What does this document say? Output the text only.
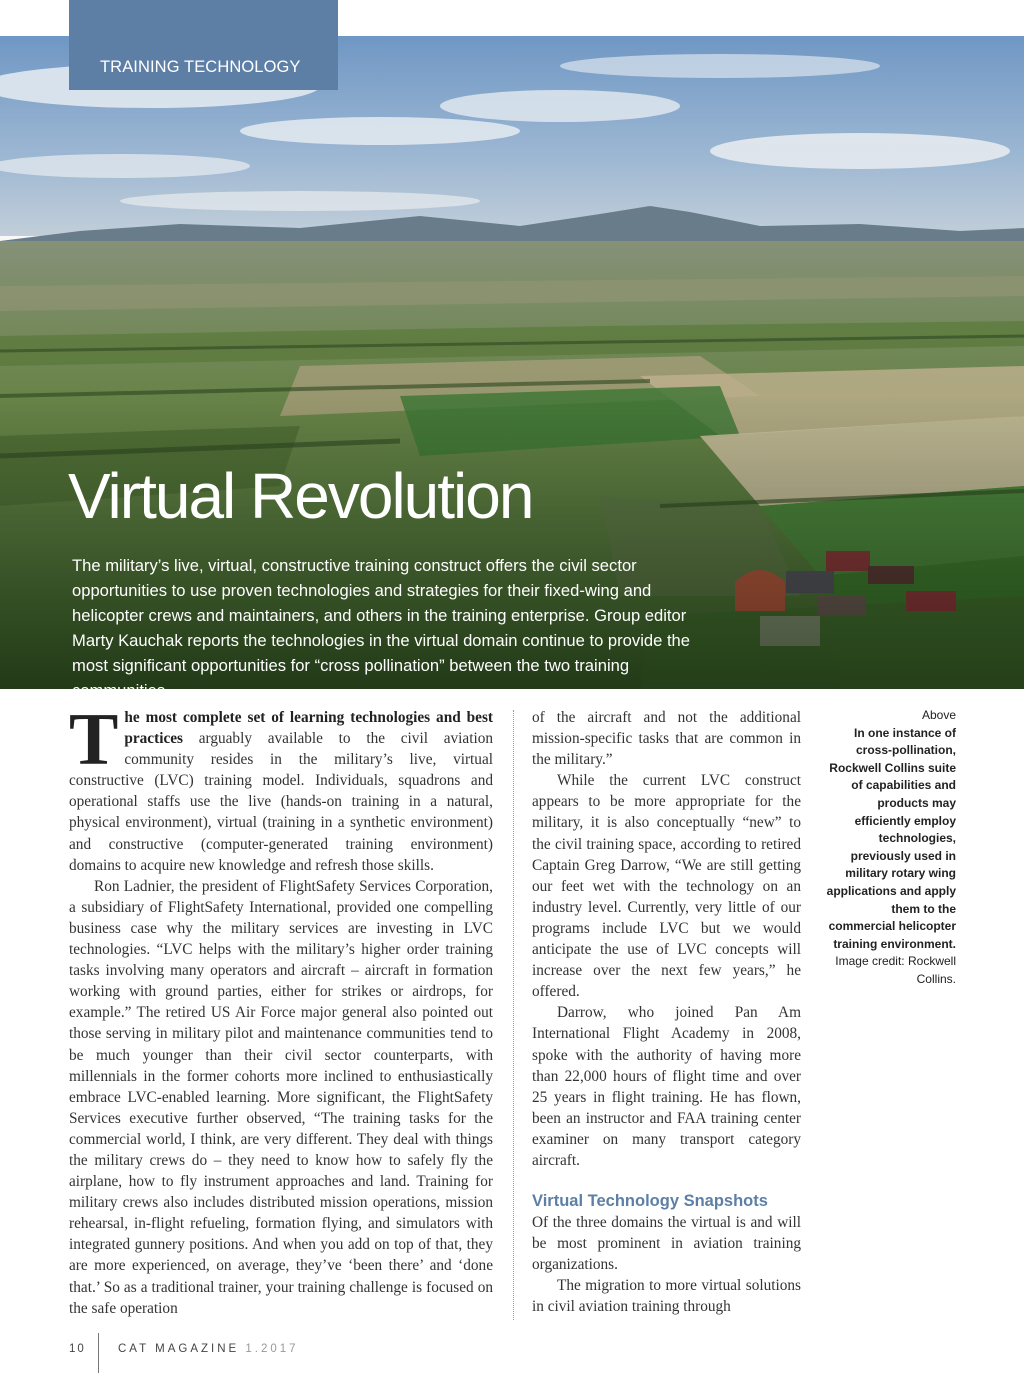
TRAINING TECHNOLOGY
Virtual Revolution

The military’s live, virtual, constructive training construct offers the civil sector opportunities to use proven technologies and strategies for their fixed-wing and helicopter crews and maintainers, and others in the training enterprise. Group editor Marty Kauchak reports the technologies in the virtual domain continue to provide the most significant opportunities for “cross pollination” between the two training communities.

The most complete set of learning technologies and best practices arguably available to the civil aviation community resides in the military’s live, virtual constructive (LVC) training model. Individuals, squadrons and operational staffs use the live (hands-on training in a natural, physical environment), virtual (training in a synthetic environment) and constructive (computer-generated training environment) domains to acquire new knowledge and refresh those skills.

Ron Ladnier, the president of FlightSafety Services Corporation, a subsidiary of FlightSafety International, provided one compelling business case why the military services are investing in LVC technologies. “LVC helps with the military’s higher order training tasks involving many operators and aircraft – aircraft in formation working with ground parties, either for strikes or airdrops, for example.” The retired US Air Force major general also pointed out those serving in military pilot and maintenance communities tend to be much younger than their civil sector counterparts, with millennials in the former cohorts more inclined to enthusiastically embrace LVC-enabled learning. More significant, the FlightSafety Services executive further observed, “The training tasks for the commercial world, I think, are very different. They deal with things the military crews do – they need to know how to safely fly the airplane, how to fly instrument approaches and land. Training for military crews also includes distributed mission operations, mission rehearsal, in-flight refueling, formation flying, and simulators with integrated gunnery positions. And when you add on top of that, they are more experienced, on average, they’ve ‘been there’ and ‘done that.’ So as a traditional trainer, your training challenge is focused on the safe operation

of the aircraft and not the additional mission-specific tasks that are common in the military.”

While the current LVC construct appears to be more appropriate for the military, it is also conceptually “new” to the civil training space, according to retired Captain Greg Darrow, “We are still getting our feet wet with the technology on an industry level. Currently, very little of our programs include LVC but we would anticipate the use of LVC concepts will increase over the next few years,” he offered.

Darrow, who joined Pan Am International Flight Academy in 2008, spoke with the authority of having more than 22,000 hours of flight time and over 25 years in flight training. He has flown, been an instructor and FAA training center examiner on many transport category aircraft.

Virtual Technology Snapshots

Of the three domains the virtual is and will be most prominent in aviation training organizations.

The migration to more virtual solutions in civil aviation training through

Above
In one instance of cross-pollination, Rockwell Collins suite of capabilities and products may efficiently employ technologies, previously used in military rotary wing applications and apply them to the commercial helicopter training environment.
Image credit: Rockwell Collins.
10	CAT MAGAZINE 1.2017
